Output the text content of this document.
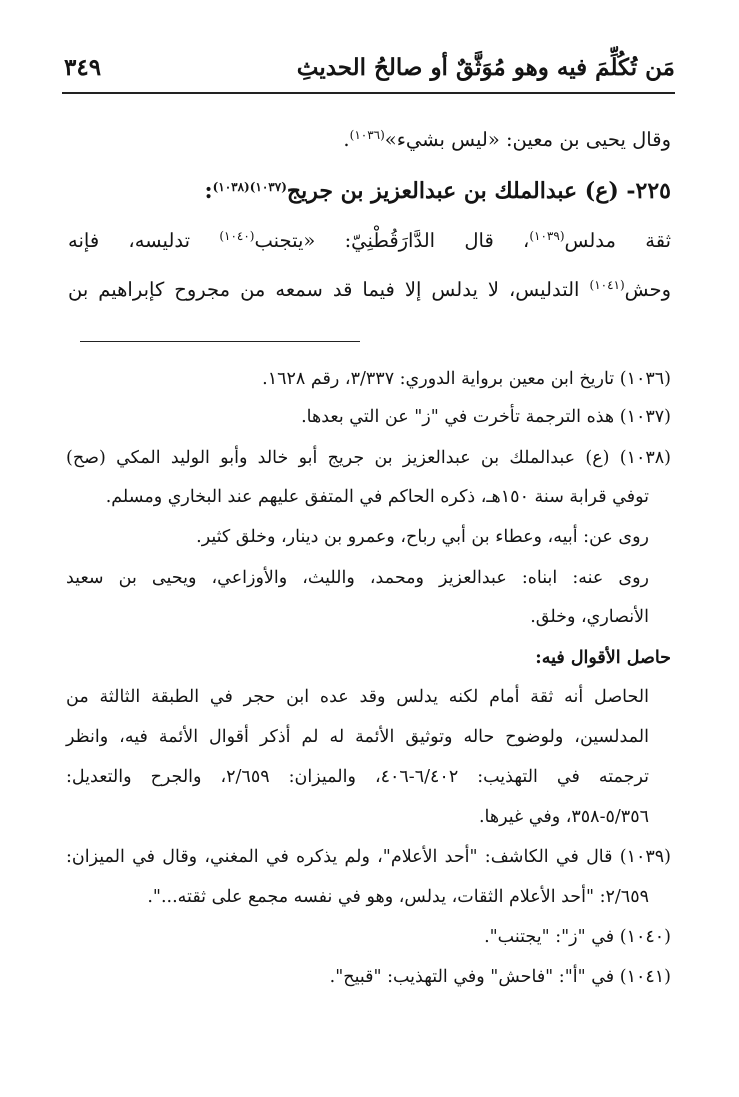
مَن تُكُلِّمَ فيه وهو مُوَثَّقٌ أو صالحُ الحديثِ
٣٤٩
وقال يحيى بن معين: «ليس بشيء»$^{(١٠٣٦)}$.
٢٢٥- (ع) عبدالملك بن عبدالعزيز بن جريج$^{(١٠٣٧)(١٠٣٨)}$:
ثقة مدلس$^{(١٠٣٩)}$، قال الدَّارَقُطْنِيّ: «يتجنب$^{(١٠٤٠)}$ تدليسه، فإنه
وحش$^{(١٠٤١)}$ التدليس، لا يدلس إلا فيما قد سمعه من مجروح كإبراهيم بن
(١٠٣٦) تاريخ ابن معين برواية الدوري: ٣/٣٣٧، رقم ١٦٢٨.
(١٠٣٧) هذه الترجمة تأخرت في "ز" عن التي بعدها.
(١٠٣٨) (ع) عبدالملك بن عبدالعزيز بن جريج أبو خالد وأبو الوليد المكي (صح)
توفي قرابة سنة ١٥٠هـ، ذكره الحاكم في المتفق عليهم عند البخاري ومسلم.
روى عن: أبيه، وعطاء بن أبي رباح، وعمرو بن دينار، وخلق كثير.
روى عنه: ابناه: عبدالعزيز ومحمد، والليث، والأوزاعي، ويحيى بن سعيد
الأنصاري، وخلق.
حاصل الأقوال فيه:
الحاصل أنه ثقة أمام لكنه يدلس وقد عده ابن حجر في الطبقة الثالثة من
المدلسين، ولوضوح حاله وتوثيق الأئمة له لم أذكر أقوال الأئمة فيه، وانظر
ترجمته في التهذيب: ٦/٤٠٢-٤٠٦، والميزان: ٢/٦٥٩، والجرح والتعديل:
٥/٣٥٦-٣٥٨، وفي غيرها.
(١٠٣٩) قال في الكاشف: "أحد الأعلام"، ولم يذكره في المغني، وقال في الميزان:
٢/٦٥٩: "أحد الأعلام الثقات، يدلس، وهو في نفسه مجمع على ثقته...".
(١٠٤٠) في "ز": "يجتنب".
(١٠٤١) في "أ": "فاحش" وفي التهذيب: "قبيح".
